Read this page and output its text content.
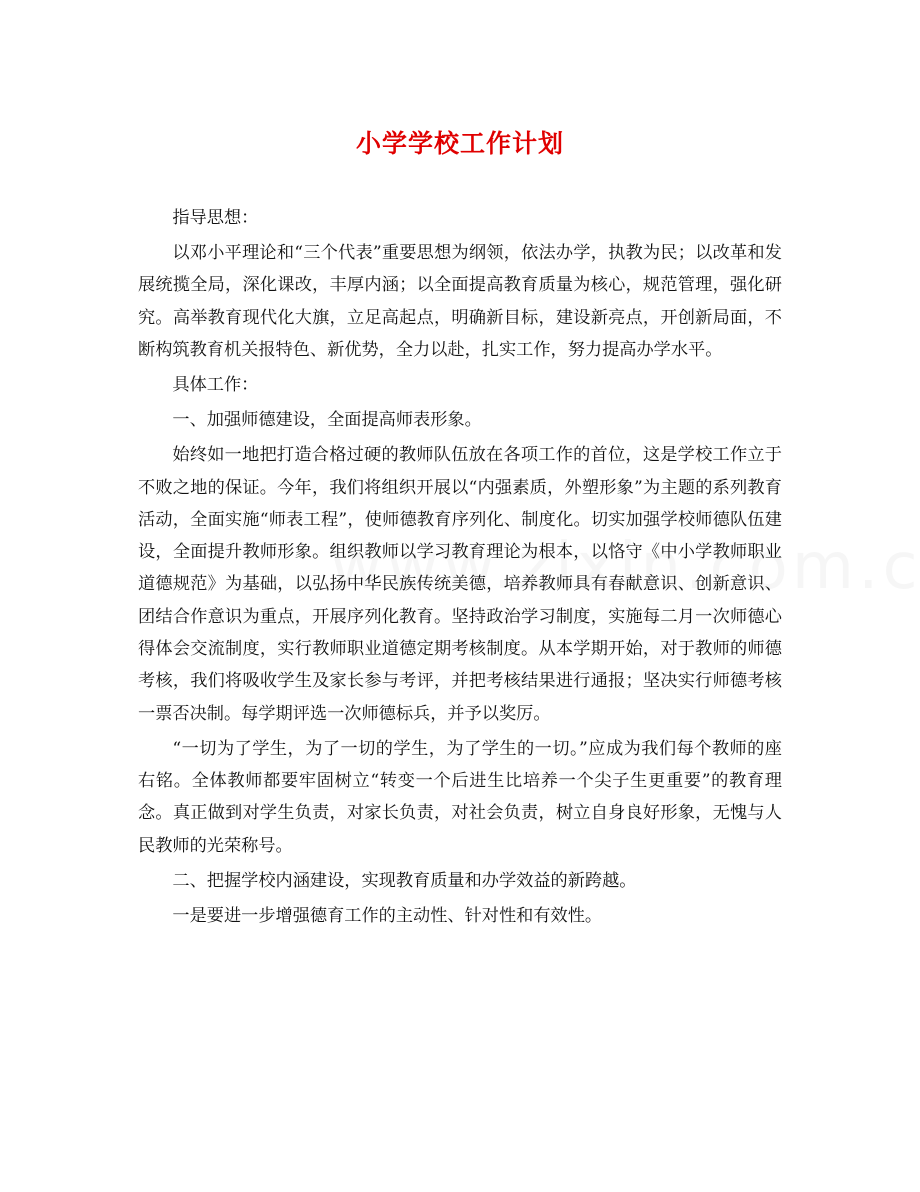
小学学校工作计划

指导思想：

以邓小平理论和“三个代表”重要思想为纲领，依法办学，执教为民；以改革和发展统揽全局，深化课改，丰厚内涵；以全面提高教育质量为核心，规范管理，强化研究。高举教育现代化大旗，立足高起点，明确新目标，建设新亮点，开创新局面，不断构筑教育机关报特色、新优势，全力以赴，扎实工作，努力提高办学水平。

具体工作：

一、加强师德建设，全面提高师表形象。

始终如一地把打造合格过硬的教师队伍放在各项工作的首位，这是学校工作立于不败之地的保证。今年，我们将组织开展以“内强素质，外塑形象”为主题的系列教育活动，全面实施“师表工程”，使师德教育序列化、制度化。切实加强学校师德队伍建设，全面提升教师形象。组织教师以学习教育理论为根本，以恪守《中小学教师职业道德规范》为基础，以弘扬中华民族传统美德，培养教师具有春献意识、创新意识、团结合作意识为重点，开展序列化教育。坚持政治学习制度，实施每二月一次师德心得体会交流制度，实行教师职业道德定期考核制度。从本学期开始，对于教师的师德考核，我们将吸收学生及家长参与考评，并把考核结果进行通报；坚决实行师德考核一票否决制。每学期评选一次师德标兵，并予以奖厉。

“一切为了学生，为了一切的学生，为了学生的一切。”应成为我们每个教师的座右铭。全体教师都要牢固树立“转变一个后进生比培养一个尖子生更重要”的教育理念。真正做到对学生负责，对家长负责，对社会负责，树立自身良好形象，无愧与人民教师的光荣称号。

二、把握学校内涵建设，实现教育质量和办学效益的新跨越。

一是要进一步增强德育工作的主动性、针对性和有效性。
